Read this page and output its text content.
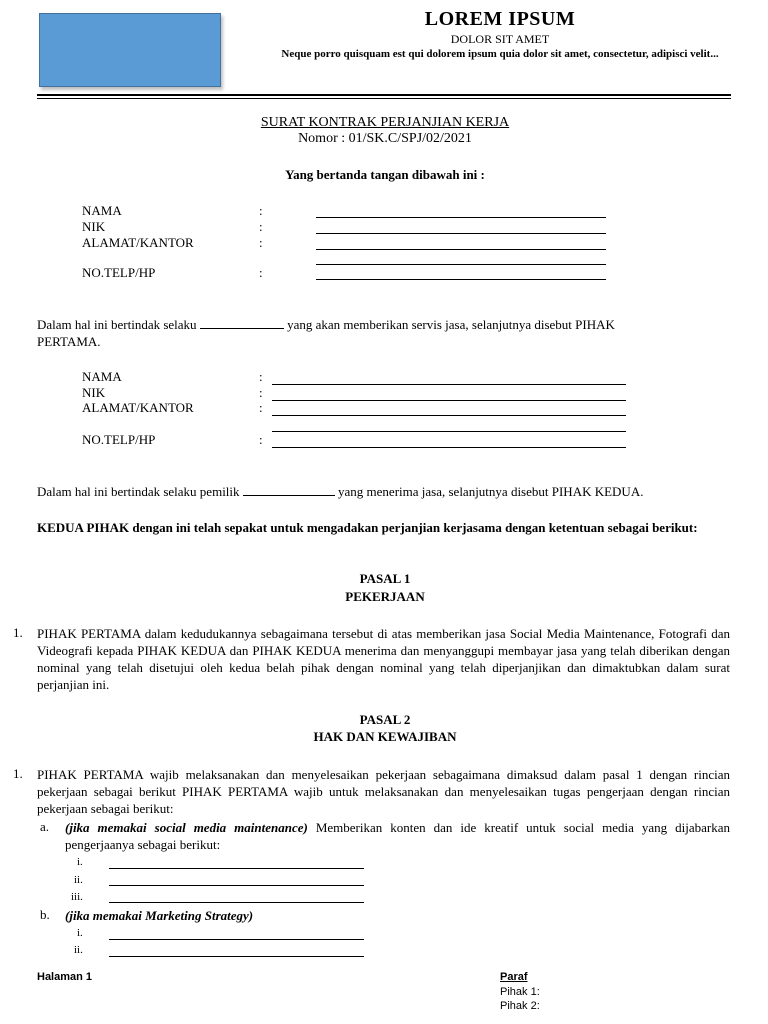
LOREM IPSUM
DOLOR SIT AMET
Neque porro quisquam est qui dolorem ipsum quia dolor sit amet, consectetur, adipisci velit...
SURAT KONTRAK PERJANJIAN KERJA
Nomor : 01/SK.C/SPJ/02/2021
Yang bertanda tangan dibawah ini :
NAMA	:
NIK	:
ALAMAT/KANTOR	:
NO.TELP/HP	:
Dalam hal ini bertindak selaku	yang akan memberikan servis jasa, selanjutnya disebut PIHAK
PERTAMA.
NAMA	:
NIK	:
ALAMAT/KANTOR	:
NO.TELP/HP	:
Dalam hal ini bertindak selaku pemilik	yang menerima jasa, selanjutnya disebut PIHAK KEDUA.
KEDUA PIHAK dengan ini telah sepakat untuk mengadakan perjanjian kerjasama dengan ketentuan sebagai berikut:
PASAL 1
PEKERJAAN
1. PIHAK PERTAMA dalam kedudukannya sebagaimana tersebut di atas memberikan jasa Social Media Maintenance, Fotografi dan Videografi kepada PIHAK KEDUA dan PIHAK KEDUA menerima dan menyanggupi membayar jasa yang telah diberikan dengan nominal yang telah disetujui oleh kedua belah pihak dengan nominal yang telah diperjanjikan dan dimaktubkan dalam surat perjanjian ini.
PASAL 2
HAK DAN KEWAJIBAN
1. PIHAK PERTAMA wajib melaksanakan dan menyelesaikan pekerjaan sebagaimana dimaksud dalam pasal 1 dengan rincian pekerjaan sebagai berikut PIHAK PERTAMA wajib untuk melaksanakan dan menyelesaikan tugas pengerjaan dengan rincian pekerjaan sebagai berikut:
a. (jika memakai social media maintenance) Memberikan konten dan ide kreatif untuk social media yang dijabarkan pengerjaanya sebagai berikut:
i.
ii.
iii.
b. (jika memakai Marketing Strategy)
i.
ii.
Halaman 1	Paraf
Pihak 1:
Pihak 2:
